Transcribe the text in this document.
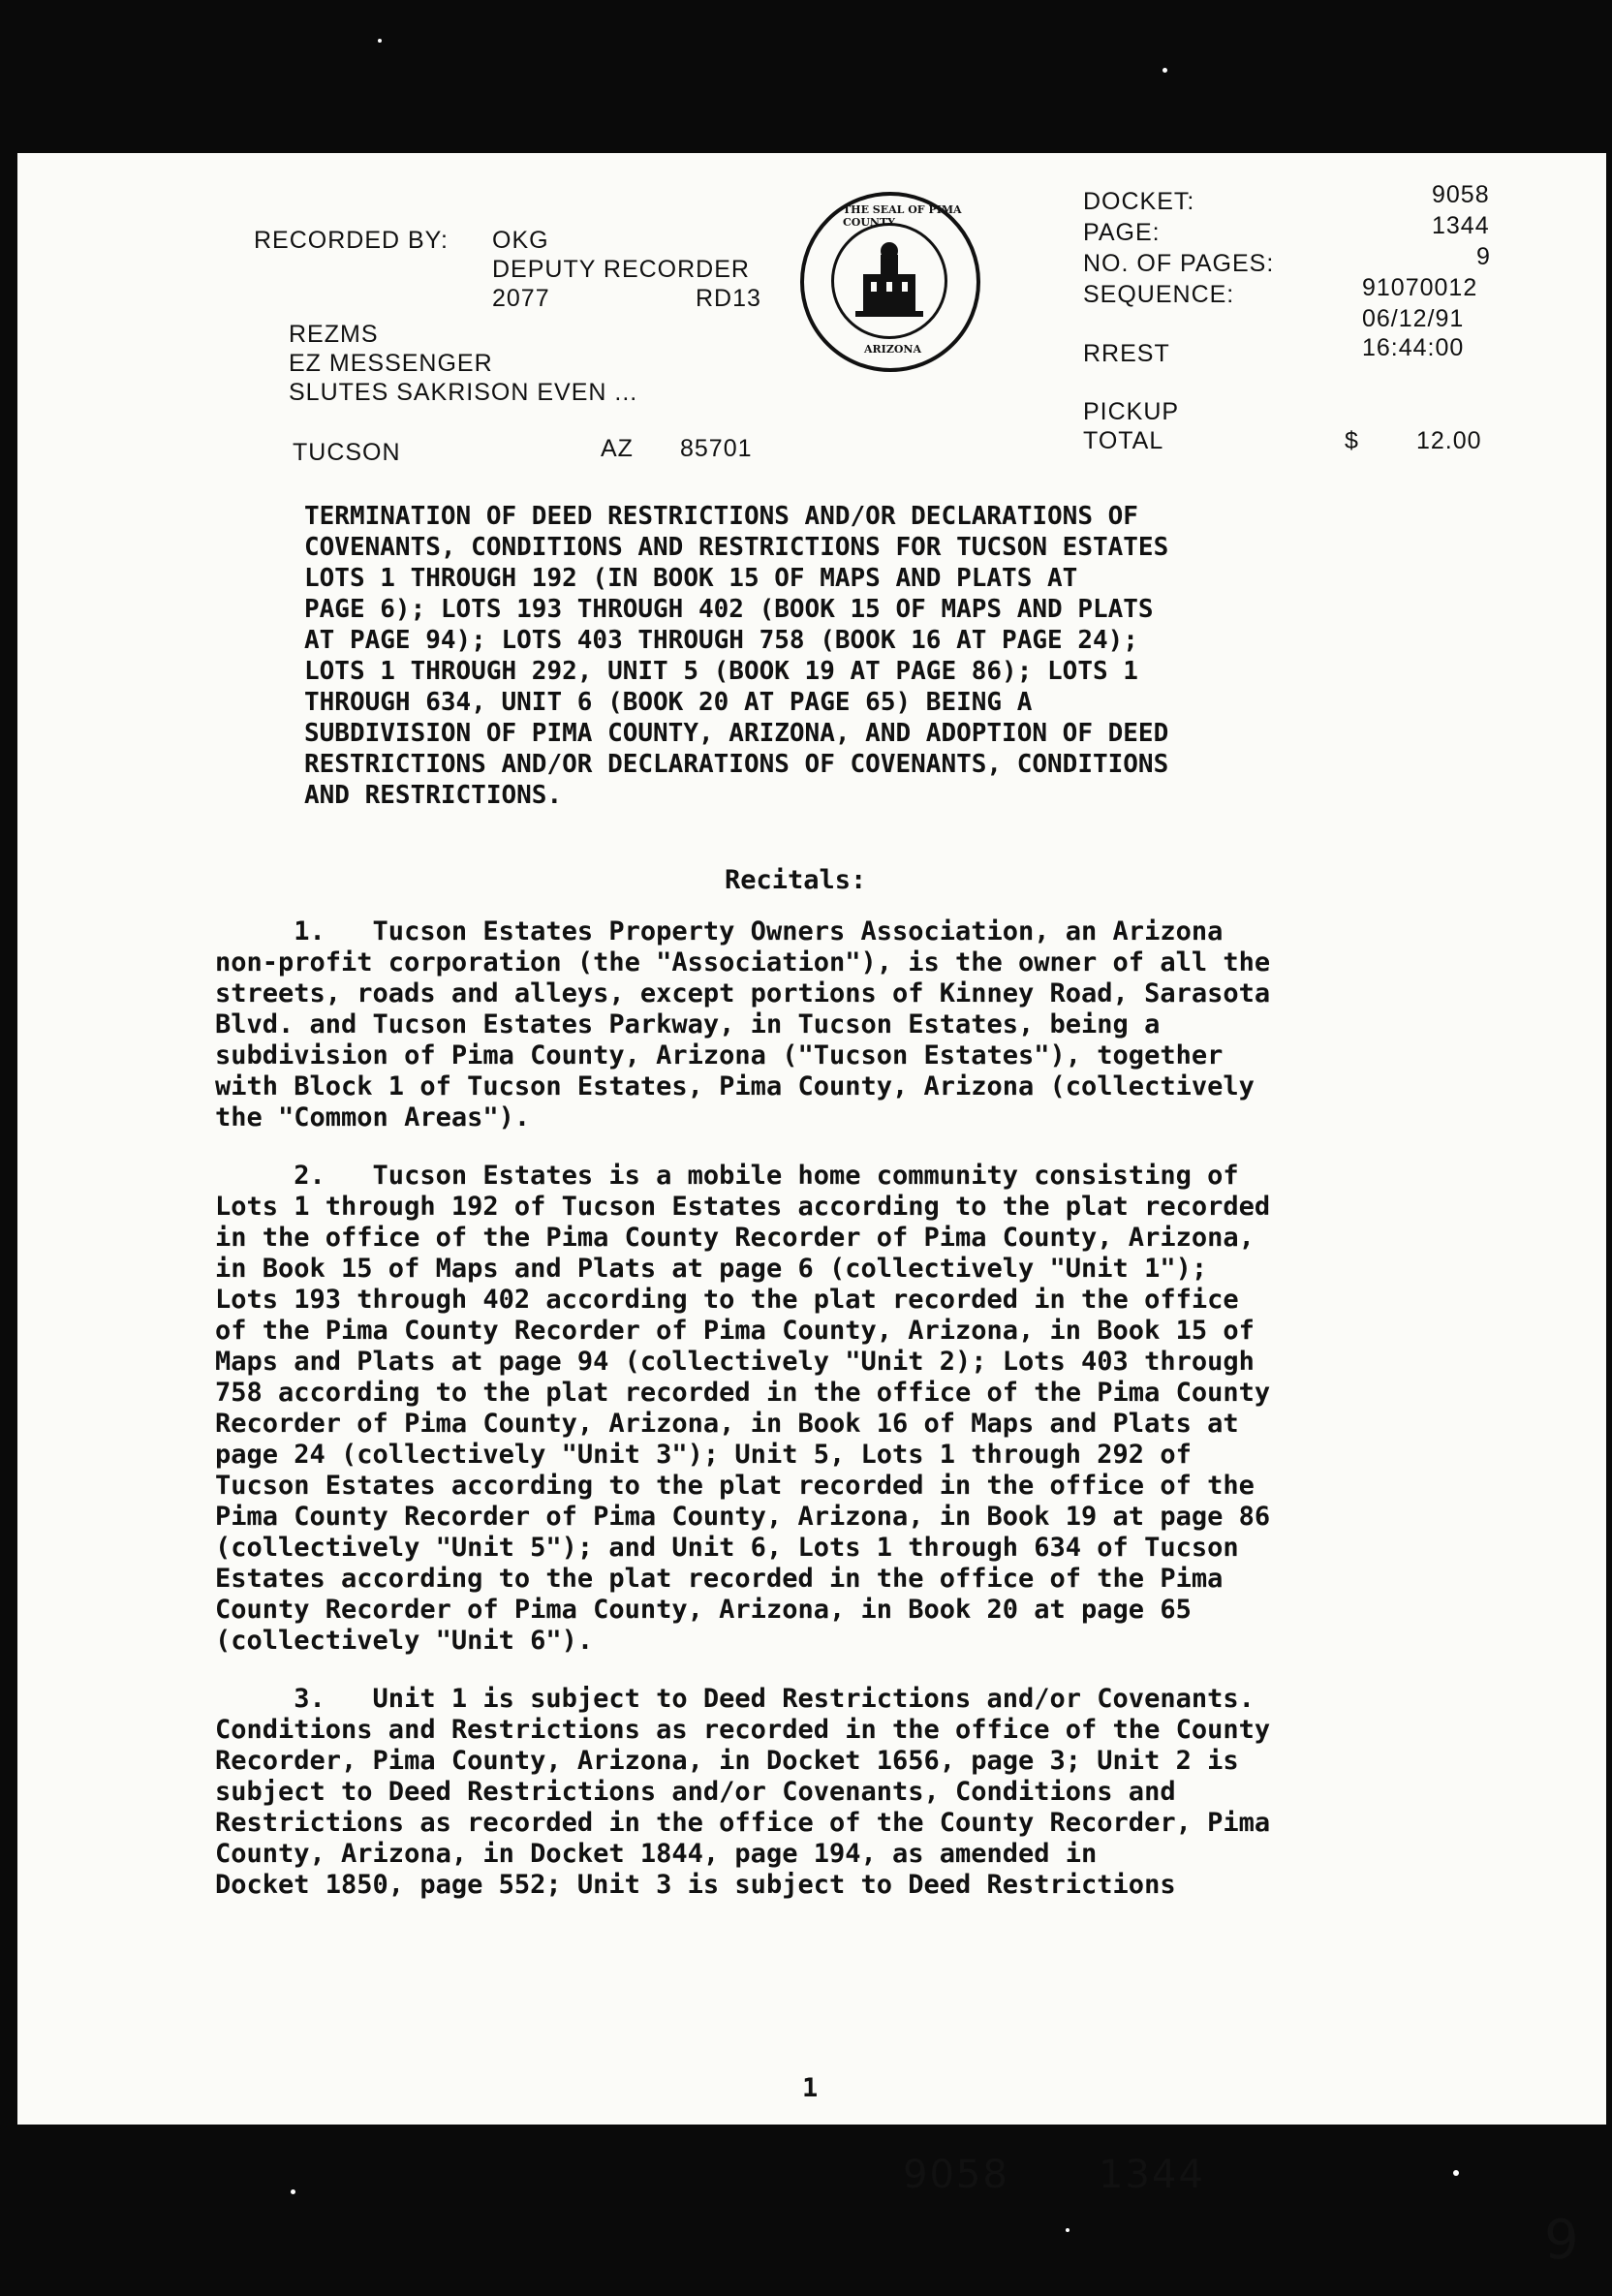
RECORDED BY: OKG
DEPUTY RECORDER
2077	RD13
REZMS
EZ MESSENGER
SLUTES SAKRISON EVEN ...
TUCSON	AZ 85701
THE SEAL OF PIMA COUNTY
ARIZONA
DOCKET:	9058
PAGE:	1344
NO. OF PAGES:	9
SEQUENCE:	91070012
06/12/91
RREST	16:44:00
PICKUP
TOTAL	$ 12.00
TERMINATION OF DEED RESTRICTIONS AND/OR DECLARATIONS OF
COVENANTS, CONDITIONS AND RESTRICTIONS FOR TUCSON ESTATES
LOTS 1 THROUGH 192 (IN BOOK 15 OF MAPS AND PLATS AT
PAGE 6); LOTS 193 THROUGH 402 (BOOK 15 OF MAPS AND PLATS
AT PAGE 94); LOTS 403 THROUGH 758 (BOOK 16 AT PAGE 24);
LOTS 1 THROUGH 292, UNIT 5 (BOOK 19 AT PAGE 86); LOTS 1
THROUGH 634, UNIT 6 (BOOK 20 AT PAGE 65) BEING A
SUBDIVISION OF PIMA COUNTY, ARIZONA, AND ADOPTION OF DEED
RESTRICTIONS AND/OR DECLARATIONS OF COVENANTS, CONDITIONS
AND RESTRICTIONS.
Recitals:
1.   Tucson Estates Property Owners Association, an Arizona
non-profit corporation (the "Association"), is the owner of all the
streets, roads and alleys, except portions of Kinney Road, Sarasota
Blvd. and Tucson Estates Parkway, in Tucson Estates, being a
subdivision of Pima County, Arizona ("Tucson Estates"), together
with Block 1 of Tucson Estates, Pima County, Arizona (collectively
the "Common Areas").
2.   Tucson Estates is a mobile home community consisting of
Lots 1 through 192 of Tucson Estates according to the plat recorded
in the office of the Pima County Recorder of Pima County, Arizona,
in Book 15 of Maps and Plats at page 6 (collectively "Unit 1");
Lots 193 through 402 according to the plat recorded in the office
of the Pima County Recorder of Pima County, Arizona, in Book 15 of
Maps and Plats at page 94 (collectively "Unit 2); Lots 403 through
758 according to the plat recorded in the office of the Pima County
Recorder of Pima County, Arizona, in Book 16 of Maps and Plats at
page 24 (collectively "Unit 3"); Unit 5, Lots 1 through 292 of
Tucson Estates according to the plat recorded in the office of the
Pima County Recorder of Pima County, Arizona, in Book 19 at page 86
(collectively "Unit 5"); and Unit 6, Lots 1 through 634 of Tucson
Estates according to the plat recorded in the office of the Pima
County Recorder of Pima County, Arizona, in Book 20 at page 65
(collectively "Unit 6").
3.   Unit 1 is subject to Deed Restrictions and/or Covenants.
Conditions and Restrictions as recorded in the office of the County
Recorder, Pima County, Arizona, in Docket 1656, page 3; Unit 2 is
subject to Deed Restrictions and/or Covenants, Conditions and
Restrictions as recorded in the office of the County Recorder, Pima
County, Arizona, in Docket 1844, page 194, as amended in
Docket 1850, page 552; Unit 3 is subject to Deed Restrictions
1
9058 1344
9
